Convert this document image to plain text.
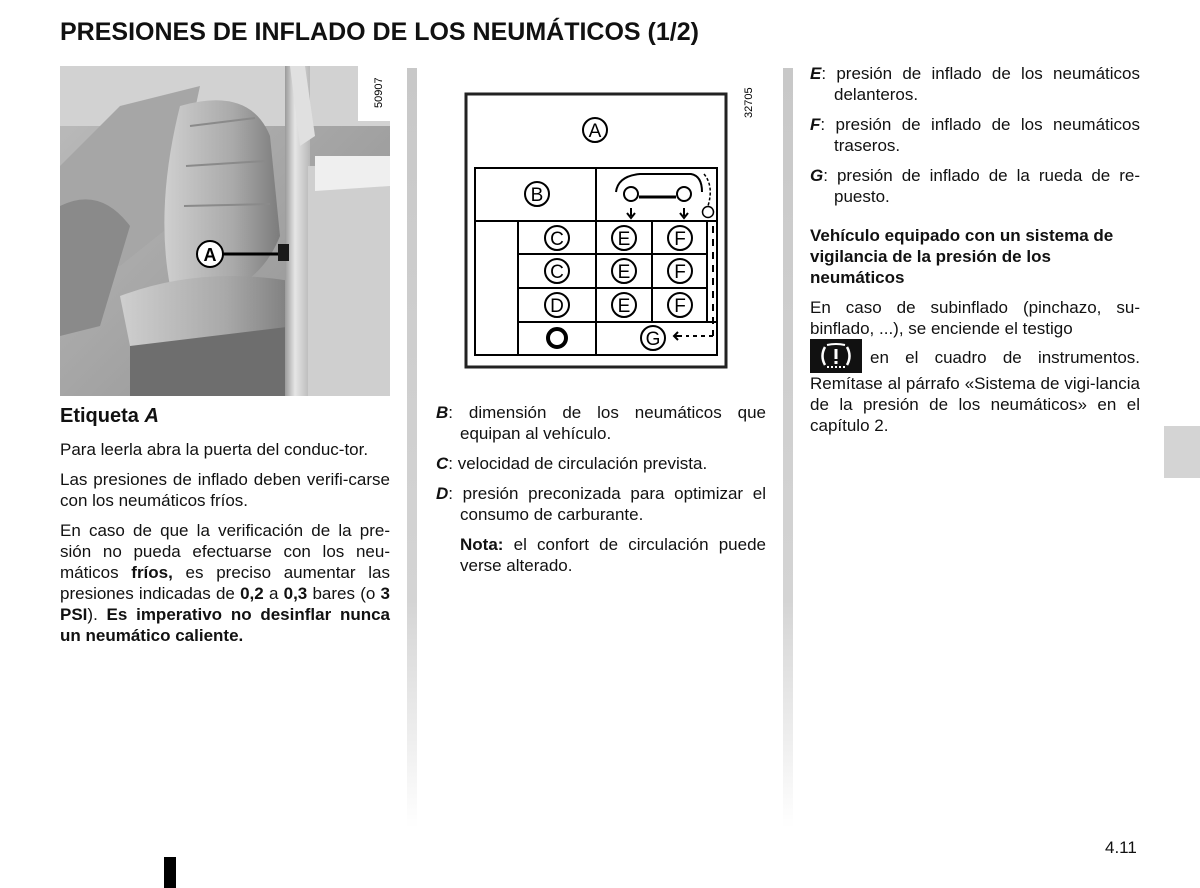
PRESIONES DE INFLADO DE LOS NEUMÁTICOS (1/2)
50907
A
32705
A
B
C	E F
C	E F
D	E F
G
Etiqueta A

Para leerla abra la puerta del conduc-tor.

Las presiones de inflado deben verifi-carse con los neumáticos fríos.

En caso de que la verificación de la pre-sión no pueda efectuarse con los neu-máticos fríos, es preciso aumentar las presiones indicadas de 0,2 a 0,3 bares (o 3 PSI). Es imperativo no desinflar nunca un neumático caliente.

B: dimensión de los neumáticos que equipan al vehículo.

C: velocidad de circulación prevista.

D: presión preconizada para optimizar el consumo de carburante.

Nota: el confort de circulación puede verse alterado.

E: presión de inflado de los neumáticos delanteros.

F: presión de inflado de los neumáticos traseros.

G: presión de inflado de la rueda de re-puesto.

Vehículo equipado con un sistema de vigilancia de la presión de los neumáticos

En caso de subinflado (pinchazo, su-binflado, ...), se enciende el testigo

en el cuadro de instrumentos. Remítase al párrafo «Sistema de vigi-lancia de la presión de los neumáticos» en el capítulo 2.

4.11
